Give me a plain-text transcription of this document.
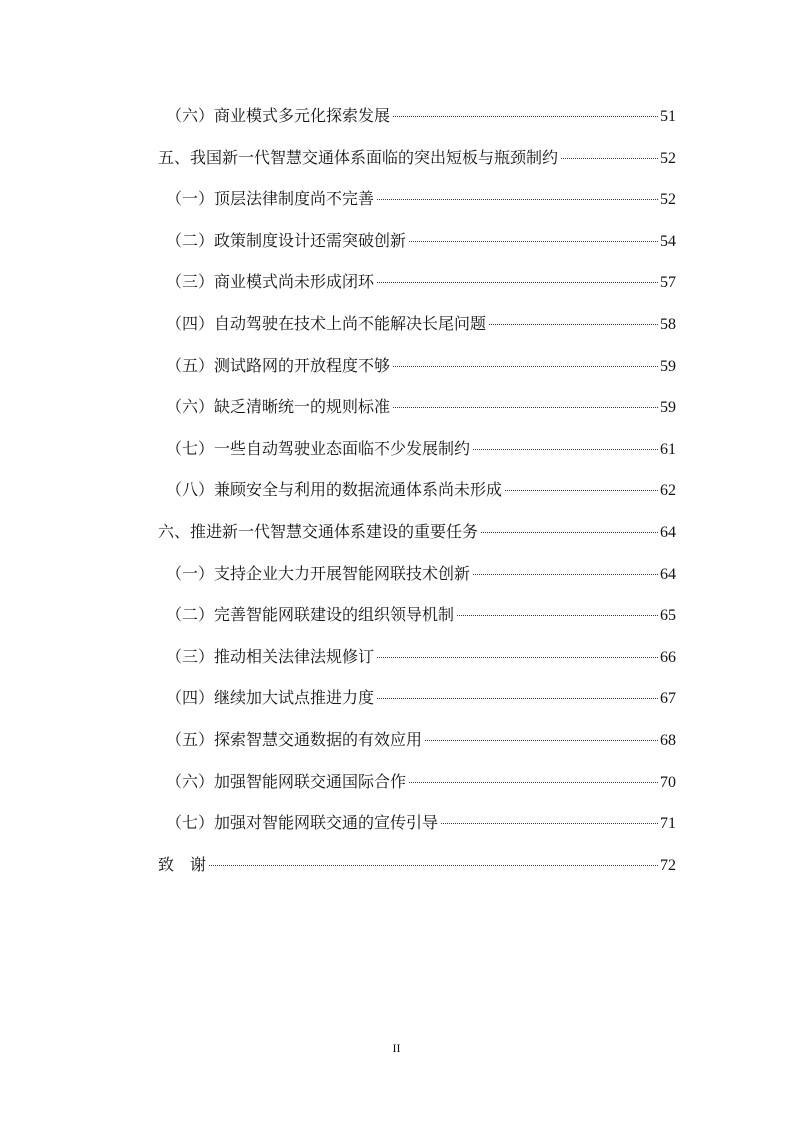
（六）商业模式多元化探索发展	51
五、我国新一代智慧交通体系面临的突出短板与瓶颈制约	52
（一）顶层法律制度尚不完善	52
（二）政策制度设计还需突破创新	54
（三）商业模式尚未形成闭环	57
（四）自动驾驶在技术上尚不能解决长尾问题	58
（五）测试路网的开放程度不够	59
（六）缺乏清晰统一的规则标准	59
（七）一些自动驾驶业态面临不少发展制约	61
（八）兼顾安全与利用的数据流通体系尚未形成	62
六、推进新一代智慧交通体系建设的重要任务	64
（一）支持企业大力开展智能网联技术创新	64
（二）完善智能网联建设的组织领导机制	65
（三）推动相关法律法规修订	66
（四）继续加大试点推进力度	67
（五）探索智慧交通数据的有效应用	68
（六）加强智能网联交通国际合作	70
（七）加强对智能网联交通的宣传引导	71
致　谢	72
II
